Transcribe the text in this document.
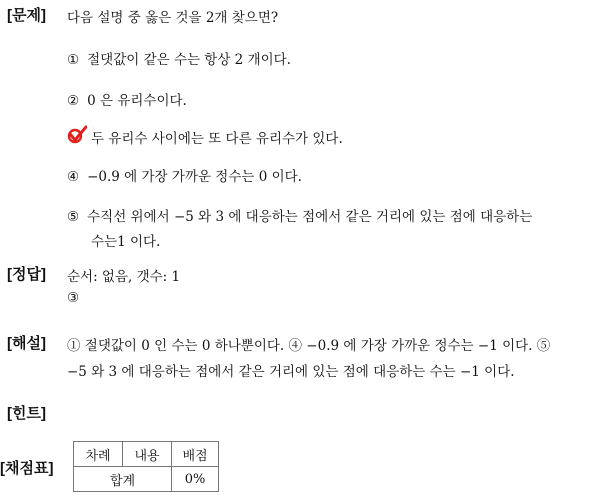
[문제] 다음 설명 중 옳은 것을 2개 찾으면?
① 절댓값이 같은 수는 항상 2 개이다.
② 0 은 유리수이다.
두 유리수 사이에는 또 다른 유리수가 있다.
④ −0.9 에 가장 가까운 정수는 0 이다.
⑤ 수직선 위에서 −5 와 3 에 대응하는 점에서 같은 거리에 있는 점에 대응하는
수는1 이다.
[정답] 순서: 없음, 갯수: 1
③
[해설] ① 절댓값이 0 인 수는 0 하나뿐이다. ④ −0.9 에 가장 가까운 정수는 −1 이다. ⑤
−5 와 3 에 대응하는 점에서 같은 거리에 있는 점에 대응하는 수는 −1 이다.
[힌트]
[채점표]
차례	내용	배점
합계		0%
